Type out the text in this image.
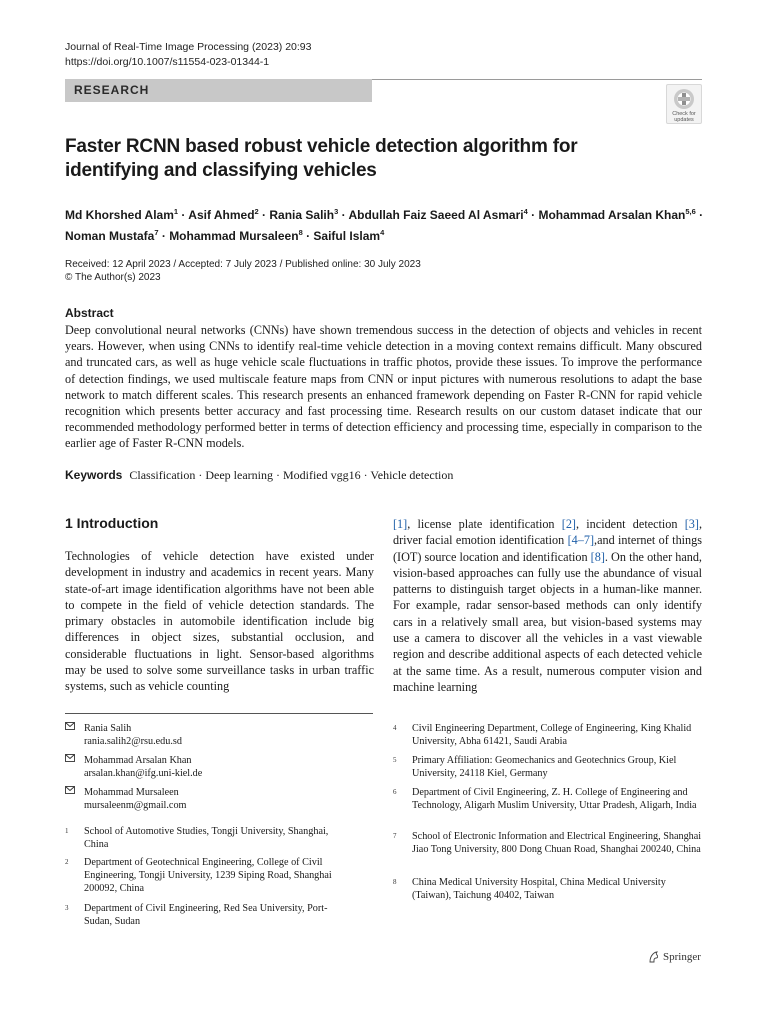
Journal of Real-Time Image Processing (2023) 20:93
https://doi.org/10.1007/s11554-023-01344-1
RESEARCH
Check for
updates
Faster RCNN based robust vehicle detection algorithm for identifying and classifying vehicles
Md Khorshed Alam$^1$ · Asif Ahmed$^2$ · Rania Salih$^3$ · Abdullah Faiz Saeed Al Asmari$^4$ · Mohammad Arsalan Khan$^{5,6}$ ·
Noman Mustafa$^7$ · Mohammad Mursaleen$^8$ · Saiful Islam$^4$
Received: 12 April 2023 / Accepted: 7 July 2023 / Published online: 30 July 2023
© The Author(s) 2023
Abstract
Deep convolutional neural networks (CNNs) have shown tremendous success in the detection of objects and vehicles in recent years. However, when using CNNs to identify real-time vehicle detection in a moving context remains difficult. Many obscured and truncated cars, as well as huge vehicle scale fluctuations in traffic photos, provide these issues. To improve the performance of detection findings, we used multiscale feature maps from CNN or input pictures with numerous resolutions to adapt the base network to match different scales. This research presents an enhanced framework depending on Faster R-CNN for rapid vehicle recognition which presents better accuracy and fast processing time. Research results on our custom dataset indicate that our recommended methodology performed better in terms of detection efficiency and processing time, especially in comparison to the earlier age of Faster R-CNN models.
Keywords Classification · Deep learning · Modified vgg16 · Vehicle detection
1 Introduction
Technologies of vehicle detection have existed under development in industry and academics in recent years. Many state-of-art image identification algorithms have not been able to compete in the field of vehicle detection standards. The primary obstacles in automobile identification include big differences in object sizes, substantial occlusion, and considerable fluctuations in light. Sensor-based algorithms may be used to solve some surveillance tasks in urban traffic systems, such as vehicle counting
[1], license plate identification [2], incident detection [3], driver facial emotion identification [4–7],and internet of things (IOT) source location and identification [8]. On the other hand, vision-based approaches can fully use the abundance of visual patterns to distinguish target objects in a human-like manner. For example, radar sensor-based methods can only identify cars in a relatively small area, but vision-based systems may use a camera to discover all the vehicles in a vast viewable region and describe additional aspects of each detected vehicle at the same time. As a result, numerous computer vision and machine learning
Rania Salih
rania.salih2@rsu.edu.sd
Mohammad Arsalan Khan
arsalan.khan@ifg.uni-kiel.de
Mohammad Mursaleen
mursaleenm@gmail.com
1	School of Automotive Studies, Tongji University, Shanghai, China
2	Department of Geotechnical Engineering, College of Civil Engineering, Tongji University, 1239 Siping Road, Shanghai 200092, China
3	Department of Civil Engineering, Red Sea University, Port-Sudan, Sudan
4	Civil Engineering Department, College of Engineering, King Khalid University, Abha 61421, Saudi Arabia
5	Primary Affiliation: Geomechanics and Geotechnics Group, Kiel University, 24118 Kiel, Germany
6	Department of Civil Engineering, Z. H. College of Engineering and Technology, Aligarh Muslim University, Uttar Pradesh, Aligarh, India
7	School of Electronic Information and Electrical Engineering, Shanghai Jiao Tong University, 800 Dong Chuan Road, Shanghai 200240, China
8	China Medical University Hospital, China Medical University (Taiwan), Taichung 40402, Taiwan
Springer
